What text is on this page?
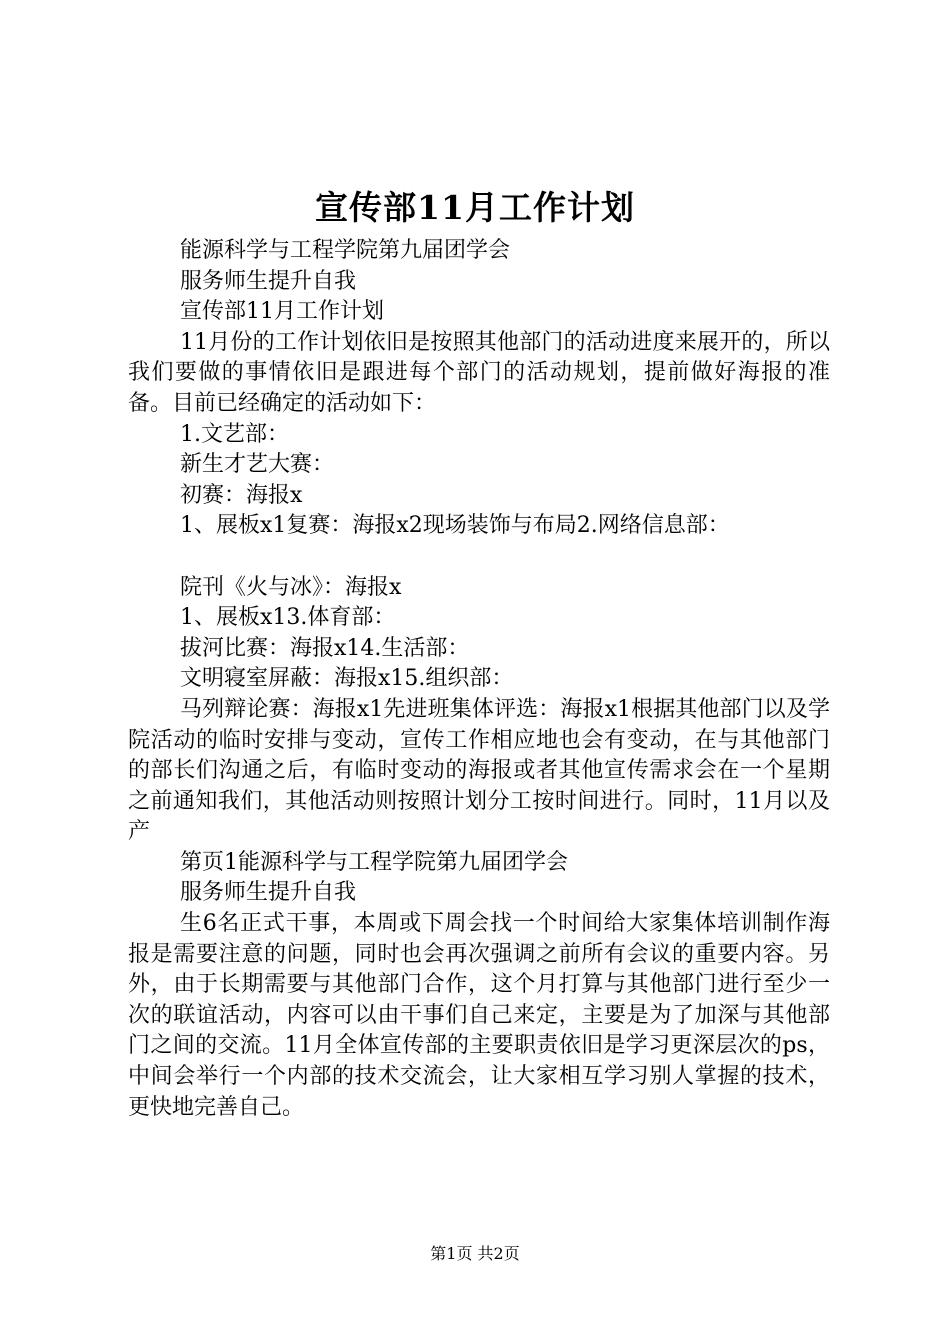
宣传部11月工作计划
能源科学与工程学院第九届团学会
服务师生提升自我
宣传部11月工作计划

11月份的工作计划依旧是按照其他部门的活动进度来展开的，所以我们要做的事情依旧是跟进每个部门的活动规划，提前做好海报的准备。目前已经确定的活动如下：

1.文艺部：
新生才艺大赛：
初赛：海报x
1、展板x1复赛：海报x2现场装饰与布局2.网络信息部：
院刊《火与冰》：海报x
1、展板x13.体育部：
拔河比赛：海报x14.生活部：
文明寝室屏蔽：海报x15.组织部：

马列辩论赛：海报x1先进班集体评选：海报x1根据其他部门以及学院活动的临时安排与变动，宣传工作相应地也会有变动，在与其他部门的部长们沟通之后，有临时变动的海报或者其他宣传需求会在一个星期之前通知我们，其他活动则按照计划分工按时间进行。同时，11月以及产

第页1能源科学与工程学院第九届团学会
服务师生提升自我

生6名正式干事，本周或下周会找一个时间给大家集体培训制作海报是需要注意的问题，同时也会再次强调之前所有会议的重要内容。另外，由于长期需要与其他部门合作，这个月打算与其他部门进行至少一次的联谊活动，内容可以由干事们自己来定，主要是为了加深与其他部门之间的交流。11月全体宣传部的主要职责依旧是学习更深层次的ps，中间会举行一个内部的技术交流会，让大家相互学习别人掌握的技术，更快地完善自己。

第1页 共2页
